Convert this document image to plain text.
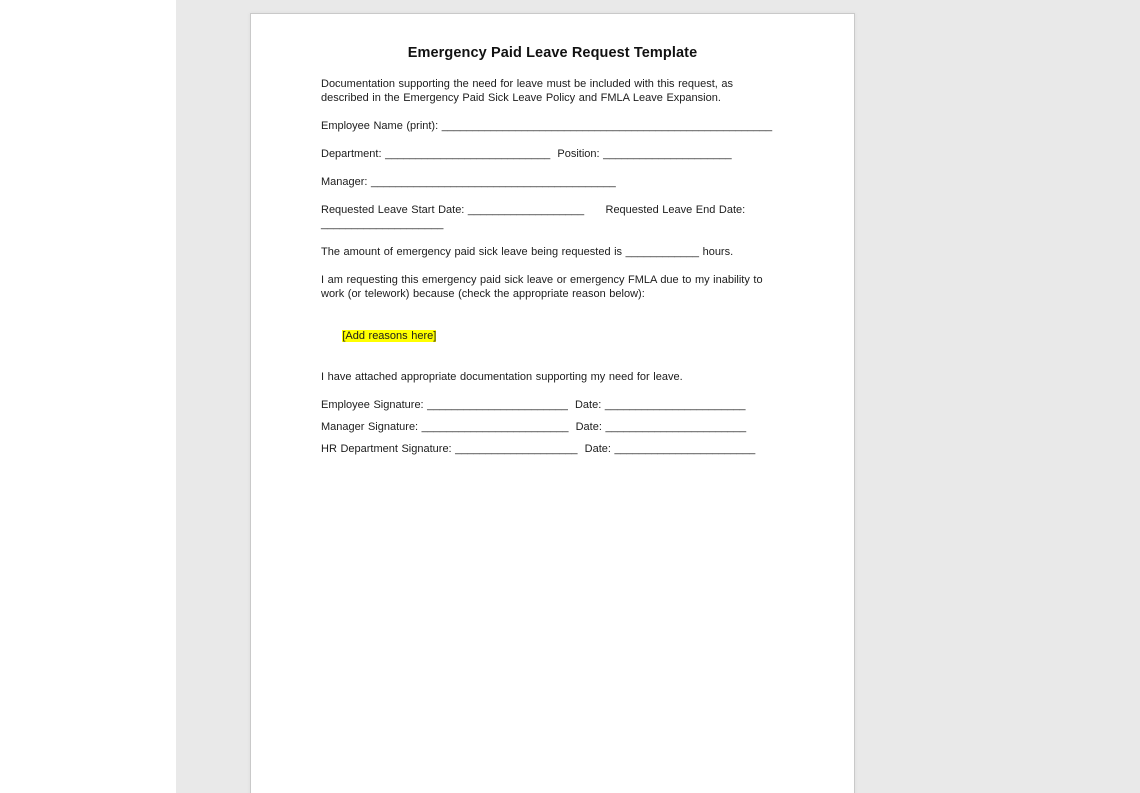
Emergency Paid Leave Request Template
Documentation supporting the need for leave must be included with this request, as described in the Emergency Paid Sick Leave Policy and FMLA Leave Expansion.
Employee Name (print): ______________________________________________________
Department: ___________________________  Position: _____________________
Manager: ________________________________________
Requested Leave Start Date: ___________________      Requested Leave End Date: ____________________
The amount of emergency paid sick leave being requested is ____________ hours.
I am requesting this emergency paid sick leave or emergency FMLA due to my inability to work (or telework) because (check the appropriate reason below):

[Add reasons here]

I have attached appropriate documentation supporting my need for leave.
Employee Signature: _______________________  Date: _______________________
Manager Signature: ________________________  Date: _______________________
HR Department Signature: ____________________  Date: _______________________
